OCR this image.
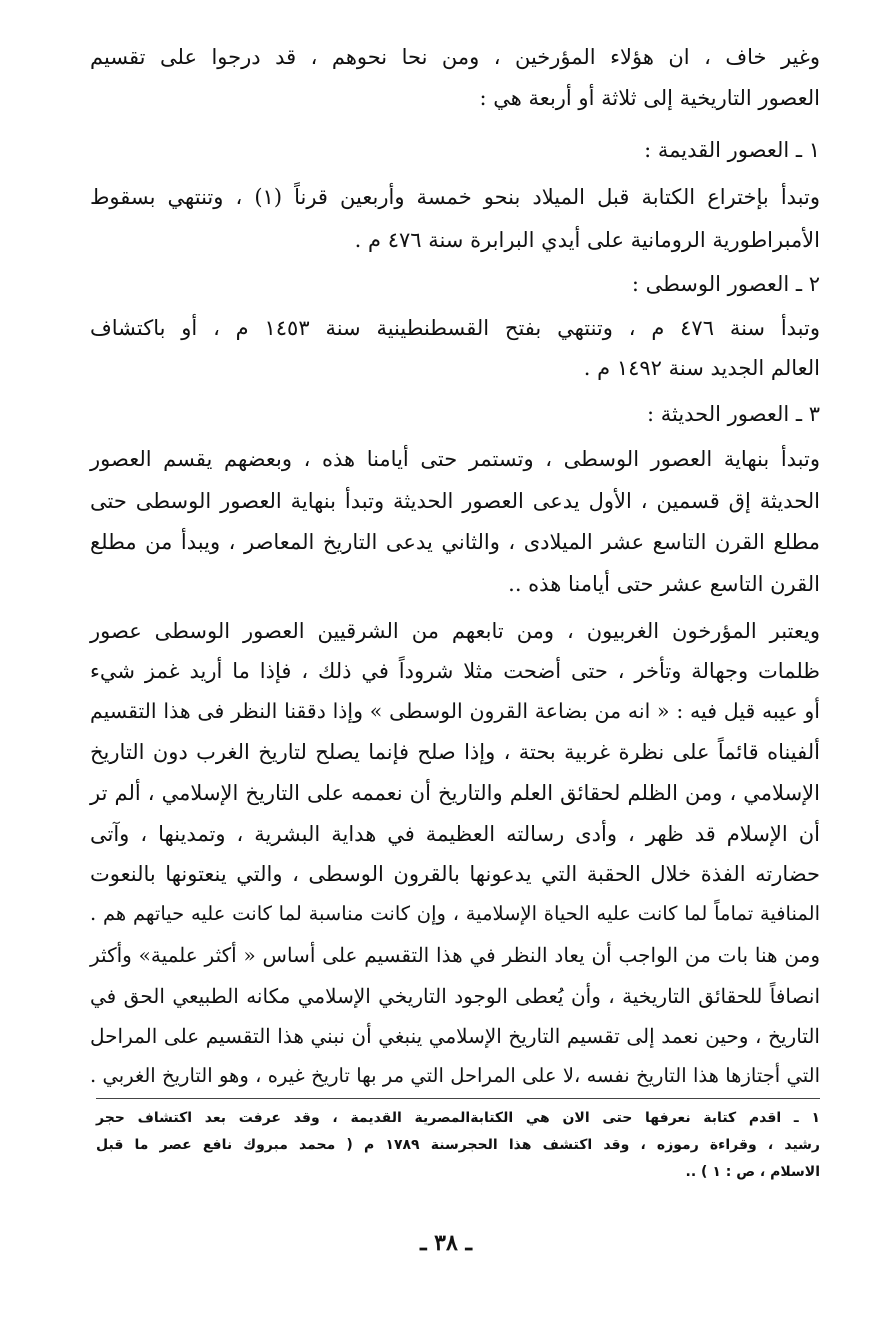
وغير خاف ، ان هؤلاء المؤرخين ، ومن نحا نحوهم ، قد درجوا على تقسيم
العصور التاريخية إلى ثلاثة أو أربعة هي :
١ ـ العصور القديمة :
وتبدأ بإختراع الكتابة قبل الميلاد بنحو خمسة وأربعين قرناً (١) ، وتنتهي بسقوط
الأمبراطورية الرومانية على أيدي البرابرة سنة ٤٧٦ م .
٢ ـ العصور الوسطى :
وتبدأ سنة ٤٧٦ م ، وتنتهي بفتح القسطنطينية سنة ١٤٥٣ م ، أو باكتشاف
العالم الجديد سنة ١٤٩٢ م .
٣ ـ العصور الحديثة :
وتبدأ بنهاية العصور الوسطى ، وتستمر حتى أيامنا هذه ، وبعضهم يقسم العصور
الحديثة إق قسمين ، الأول يدعى العصور الحديثة وتبدأ بنهاية العصور الوسطى حتى
مطلع القرن التاسع عشر الميلادى ، والثاني يدعى التاريخ المعاصر ، ويبدأ من مطلع
القرن التاسع عشر حتى أيامنا هذه ..
ويعتبر المؤرخون الغربيون ، ومن تابعهم من الشرقيين العصور الوسطى عصور
ظلمات وجهالة وتأخر ، حتى أضحت مثلا شروداً في ذلك ، فإذا ما أريد غمز شيء
أو عيبه قيل فيه : « انه من بضاعة القرون الوسطى » وإذا دققنا النظر فى هذا التقسيم
ألفيناه قائماً على نظرة غربية بحتة ، وإذا صلح فإنما يصلح لتاريخ الغرب دون التاريخ
الإسلامي ، ومن الظلم لحقائق العلم والتاريخ أن نعممه على التاريخ الإسلامي ، ألم تر
أن الإسلام قد ظهر ، وأدى رسالته العظيمة في هداية البشرية ، وتمدينها ، وآتى
حضارته الفذة خلال الحقبة التي يدعونها بالقرون الوسطى ، والتي ينعتونها بالنعوت
المنافية تماماً لما كانت عليه الحياة الإسلامية ، وإن كانت مناسبة لما كانت عليه حياتهم هم .
ومن هنا بات من الواجب أن يعاد النظر في هذا التقسيم على أساس « أكثر علمية» وأكثر
انصافاً للحقائق التاريخية ، وأن يُعطى الوجود التاريخي الإسلامي مكانه الطبيعي الحق في
التاريخ ، وحين نعمد إلى تقسيم التاريخ الإسلامي ينبغي أن نبني هذا التقسيم على المراحل
التي أجتازها هذا التاريخ نفسه ،لا على المراحل التي مر بها تاريخ غيره ، وهو التاريخ الغربي .
١ ـ اقدم كتابة نعرفها حتى الان هي الكتابةالمصرية القديمة ، وقد عرفت بعد اكتشاف حجر
رشيد ، وقراءة رموزه ، وقد اكتشف هذا الحجرسنة ١٧٨٩ م ( محمد مبروك نافع عصر ما قبل
الاسلام ، ص : ١ ) ..
ـ ٣٨ ـ
